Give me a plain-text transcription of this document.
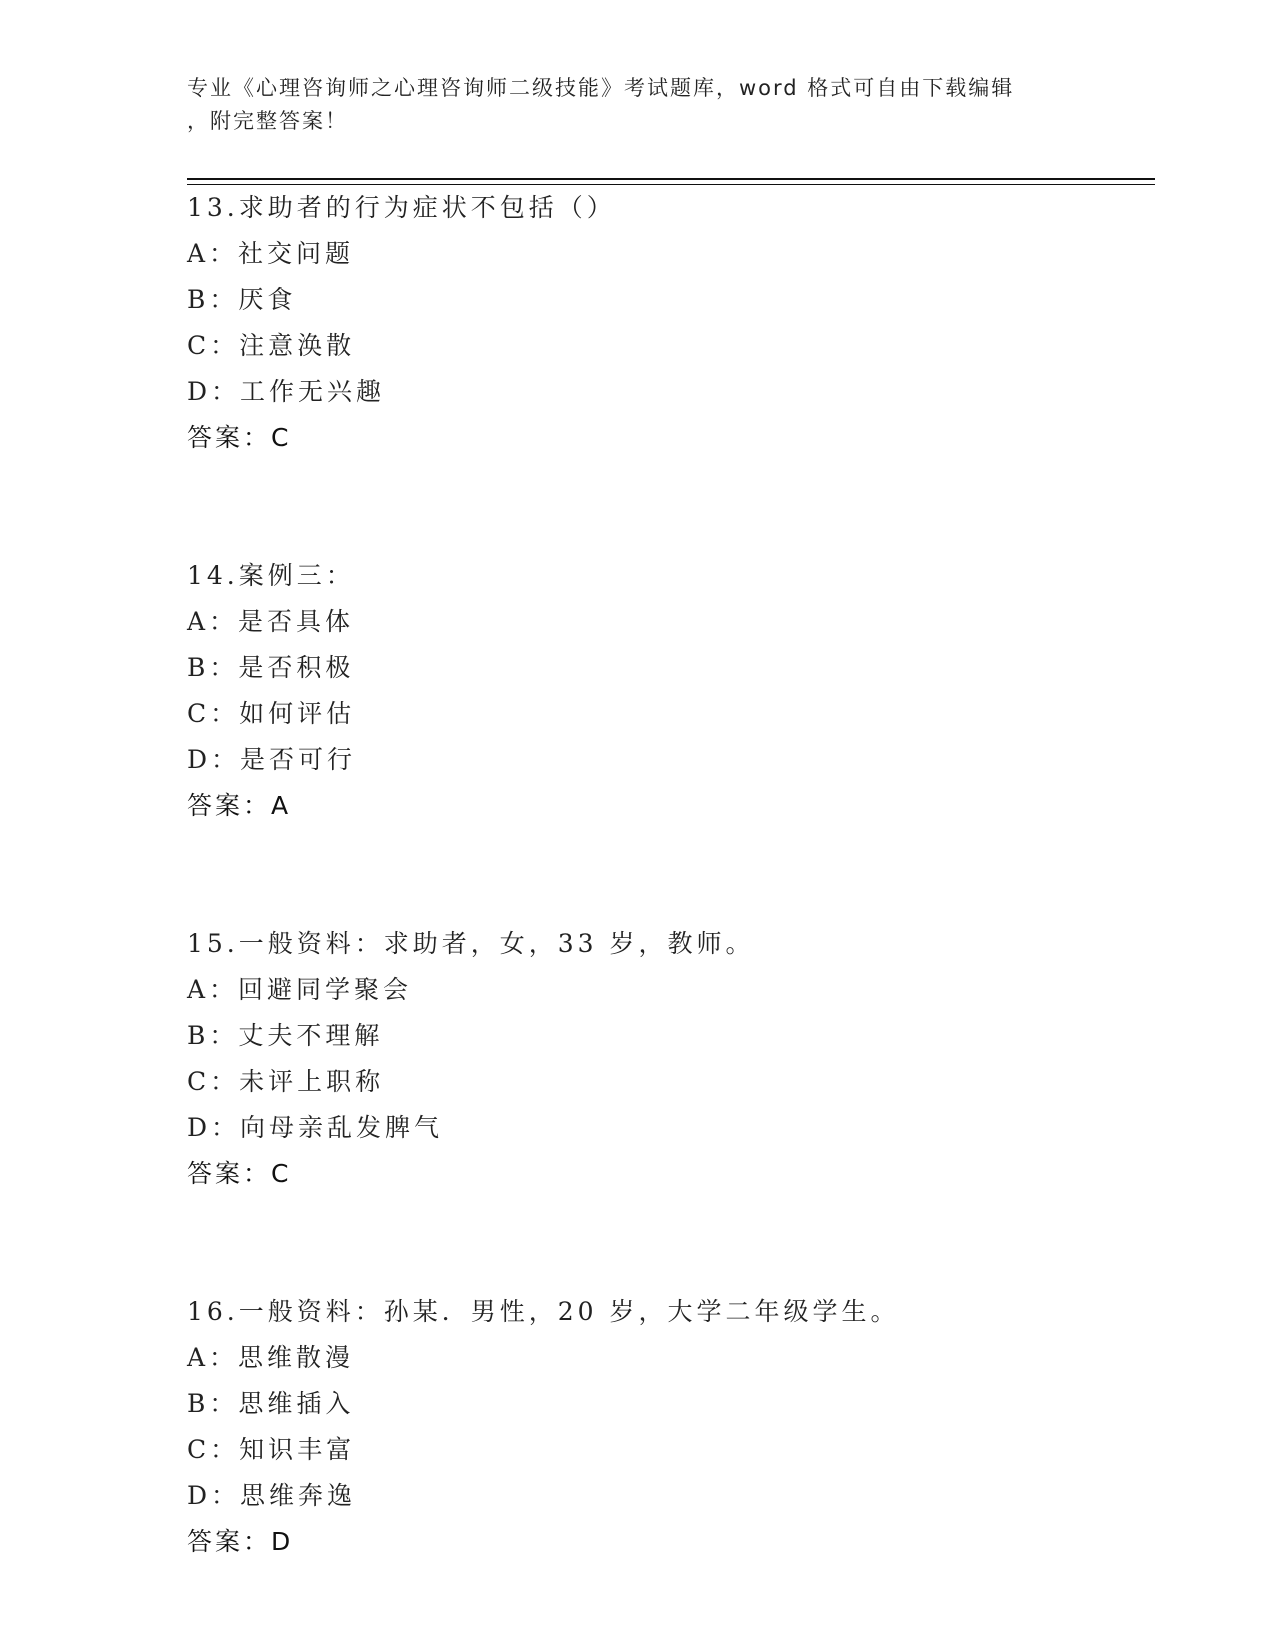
专业《心理咨询师之心理咨询师二级技能》考试题库，word 格式可自由下载编辑
，附完整答案！
13.求助者的行为症状不包括（）
A：社交问题
B：厌食
C：注意涣散
D：工作无兴趣
答案：C
14.案例三：
A：是否具体
B：是否积极
C：如何评估
D：是否可行
答案：A
15.一般资料：求助者，女，33 岁，教师。
A：回避同学聚会
B：丈夫不理解
C：未评上职称
D：向母亲乱发脾气
答案：C
16.一般资料：孙某．男性，20 岁，大学二年级学生。
A：思维散漫
B：思维插入
C：知识丰富
D：思维奔逸
答案：D
